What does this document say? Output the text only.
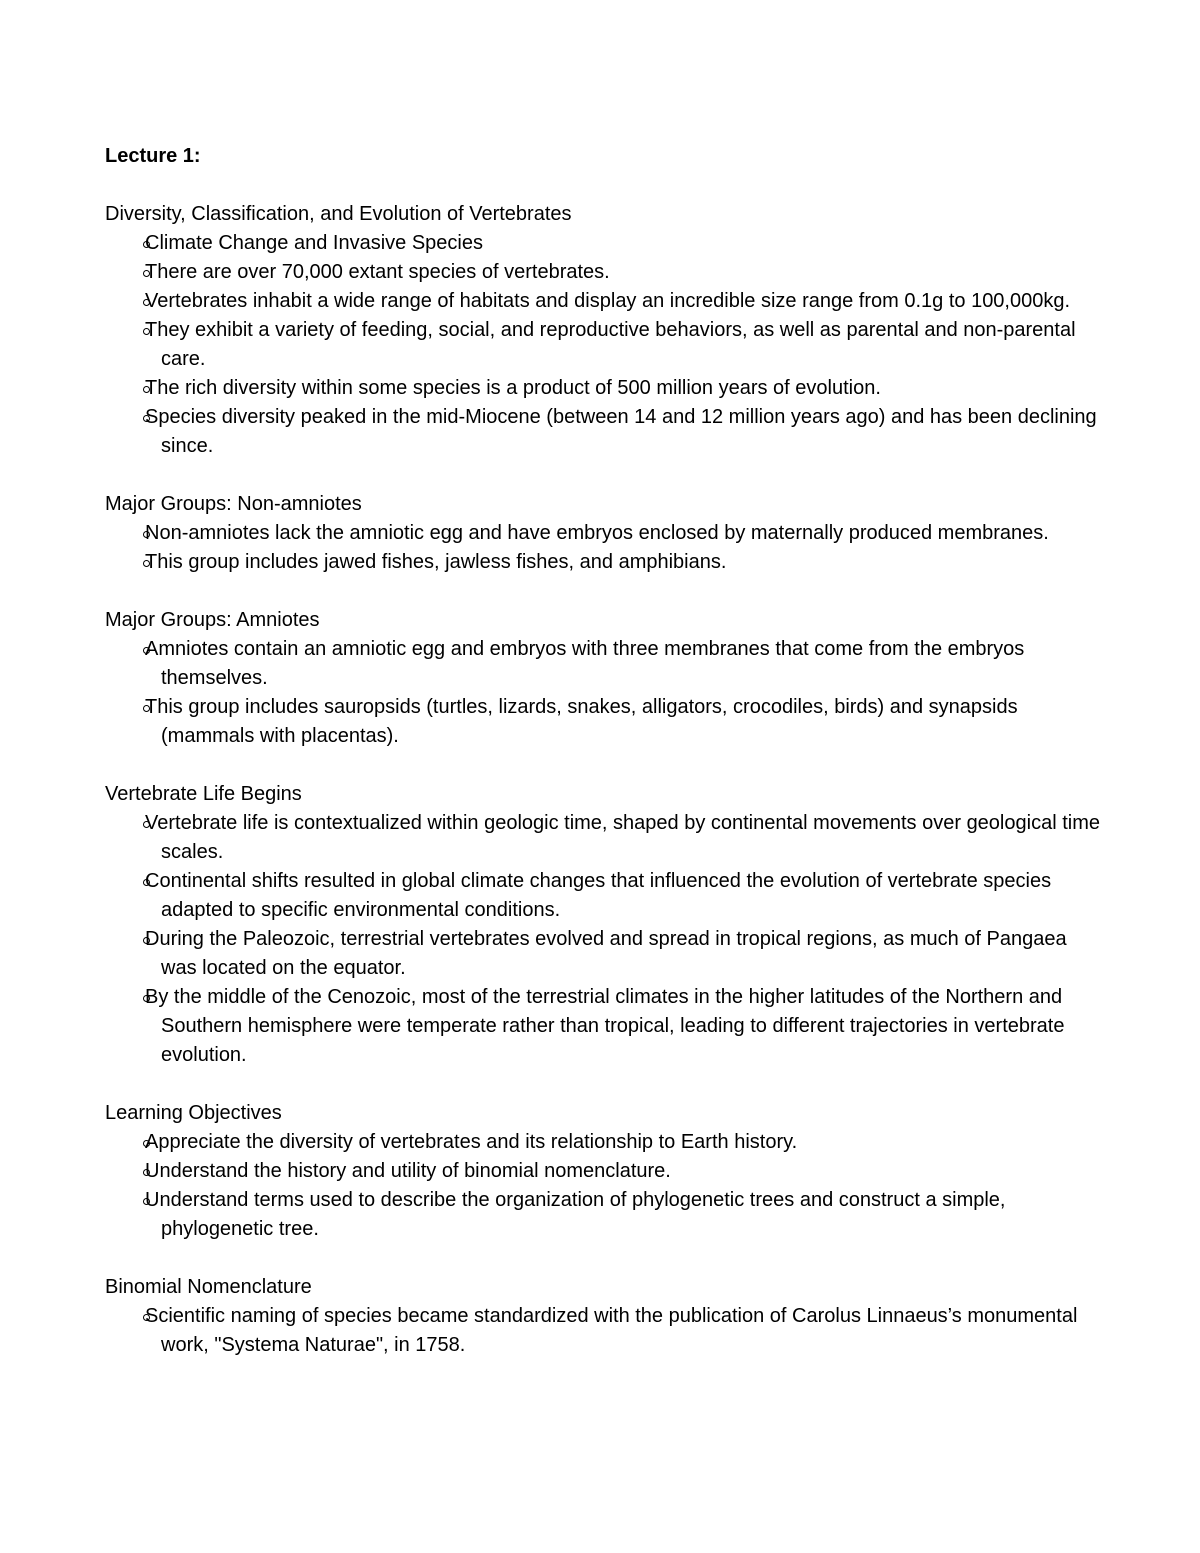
Lecture 1:

Diversity, Classification, and Evolution of Vertebrates

Climate Change and Invasive Species
There are over 70,000 extant species of vertebrates.
Vertebrates inhabit a wide range of habitats and display an incredible size range from 0.1g to 100,000kg.
They exhibit a variety of feeding, social, and reproductive behaviors, as well as parental and non-parental care.
The rich diversity within some species is a product of 500 million years of evolution.
Species diversity peaked in the mid-Miocene (between 14 and 12 million years ago) and has been declining since.

Major Groups: Non-amniotes

Non-amniotes lack the amniotic egg and have embryos enclosed by maternally produced membranes.
This group includes jawed fishes, jawless fishes, and amphibians.

Major Groups: Amniotes

Amniotes contain an amniotic egg and embryos with three membranes that come from the embryos themselves.
This group includes sauropsids (turtles, lizards, snakes, alligators, crocodiles, birds) and synapsids (mammals with placentas).

Vertebrate Life Begins

Vertebrate life is contextualized within geologic time, shaped by continental movements over geological time scales.
Continental shifts resulted in global climate changes that influenced the evolution of vertebrate species adapted to specific environmental conditions.
During the Paleozoic, terrestrial vertebrates evolved and spread in tropical regions, as much of Pangaea was located on the equator.
By the middle of the Cenozoic, most of the terrestrial climates in the higher latitudes of the Northern and Southern hemisphere were temperate rather than tropical, leading to different trajectories in vertebrate evolution.

Learning Objectives

Appreciate the diversity of vertebrates and its relationship to Earth history.
Understand the history and utility of binomial nomenclature.
Understand terms used to describe the organization of phylogenetic trees and construct a simple, phylogenetic tree.

Binomial Nomenclature

Scientific naming of species became standardized with the publication of Carolus Linnaeus’s monumental work, "Systema Naturae", in 1758.
